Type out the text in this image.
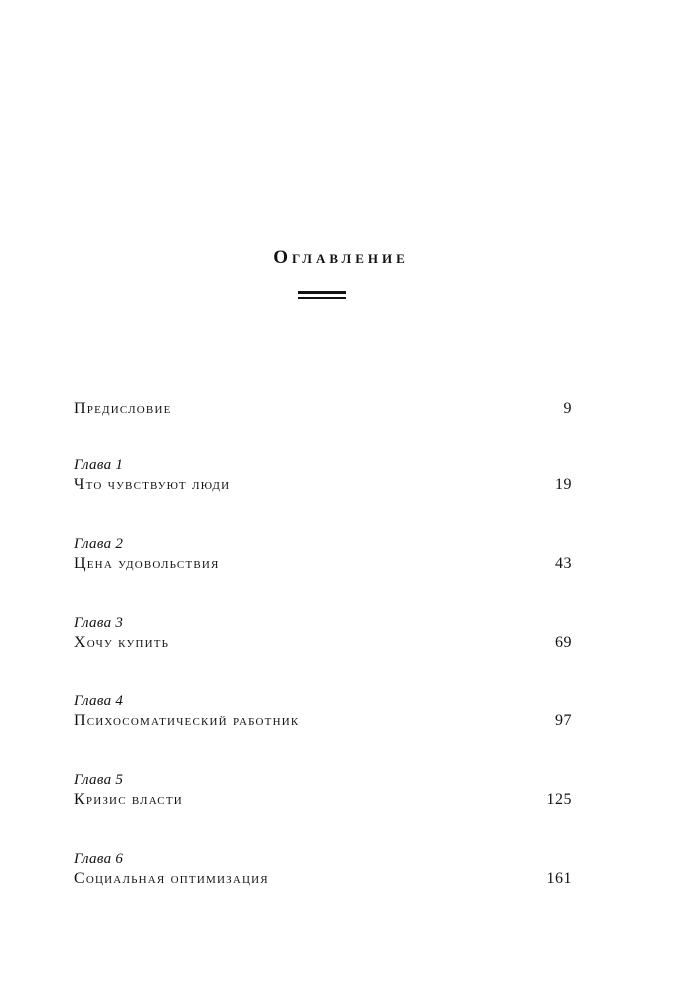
Оглавление
Предисловие	9
Глава 1
Что чувствуют люди	19
Глава 2
Цена удовольствия	43
Глава 3
Хочу купить	69
Глава 4
Психосоматический работник	97
Глава 5
Кризис власти	125
Глава 6
Социальная оптимизация	161
